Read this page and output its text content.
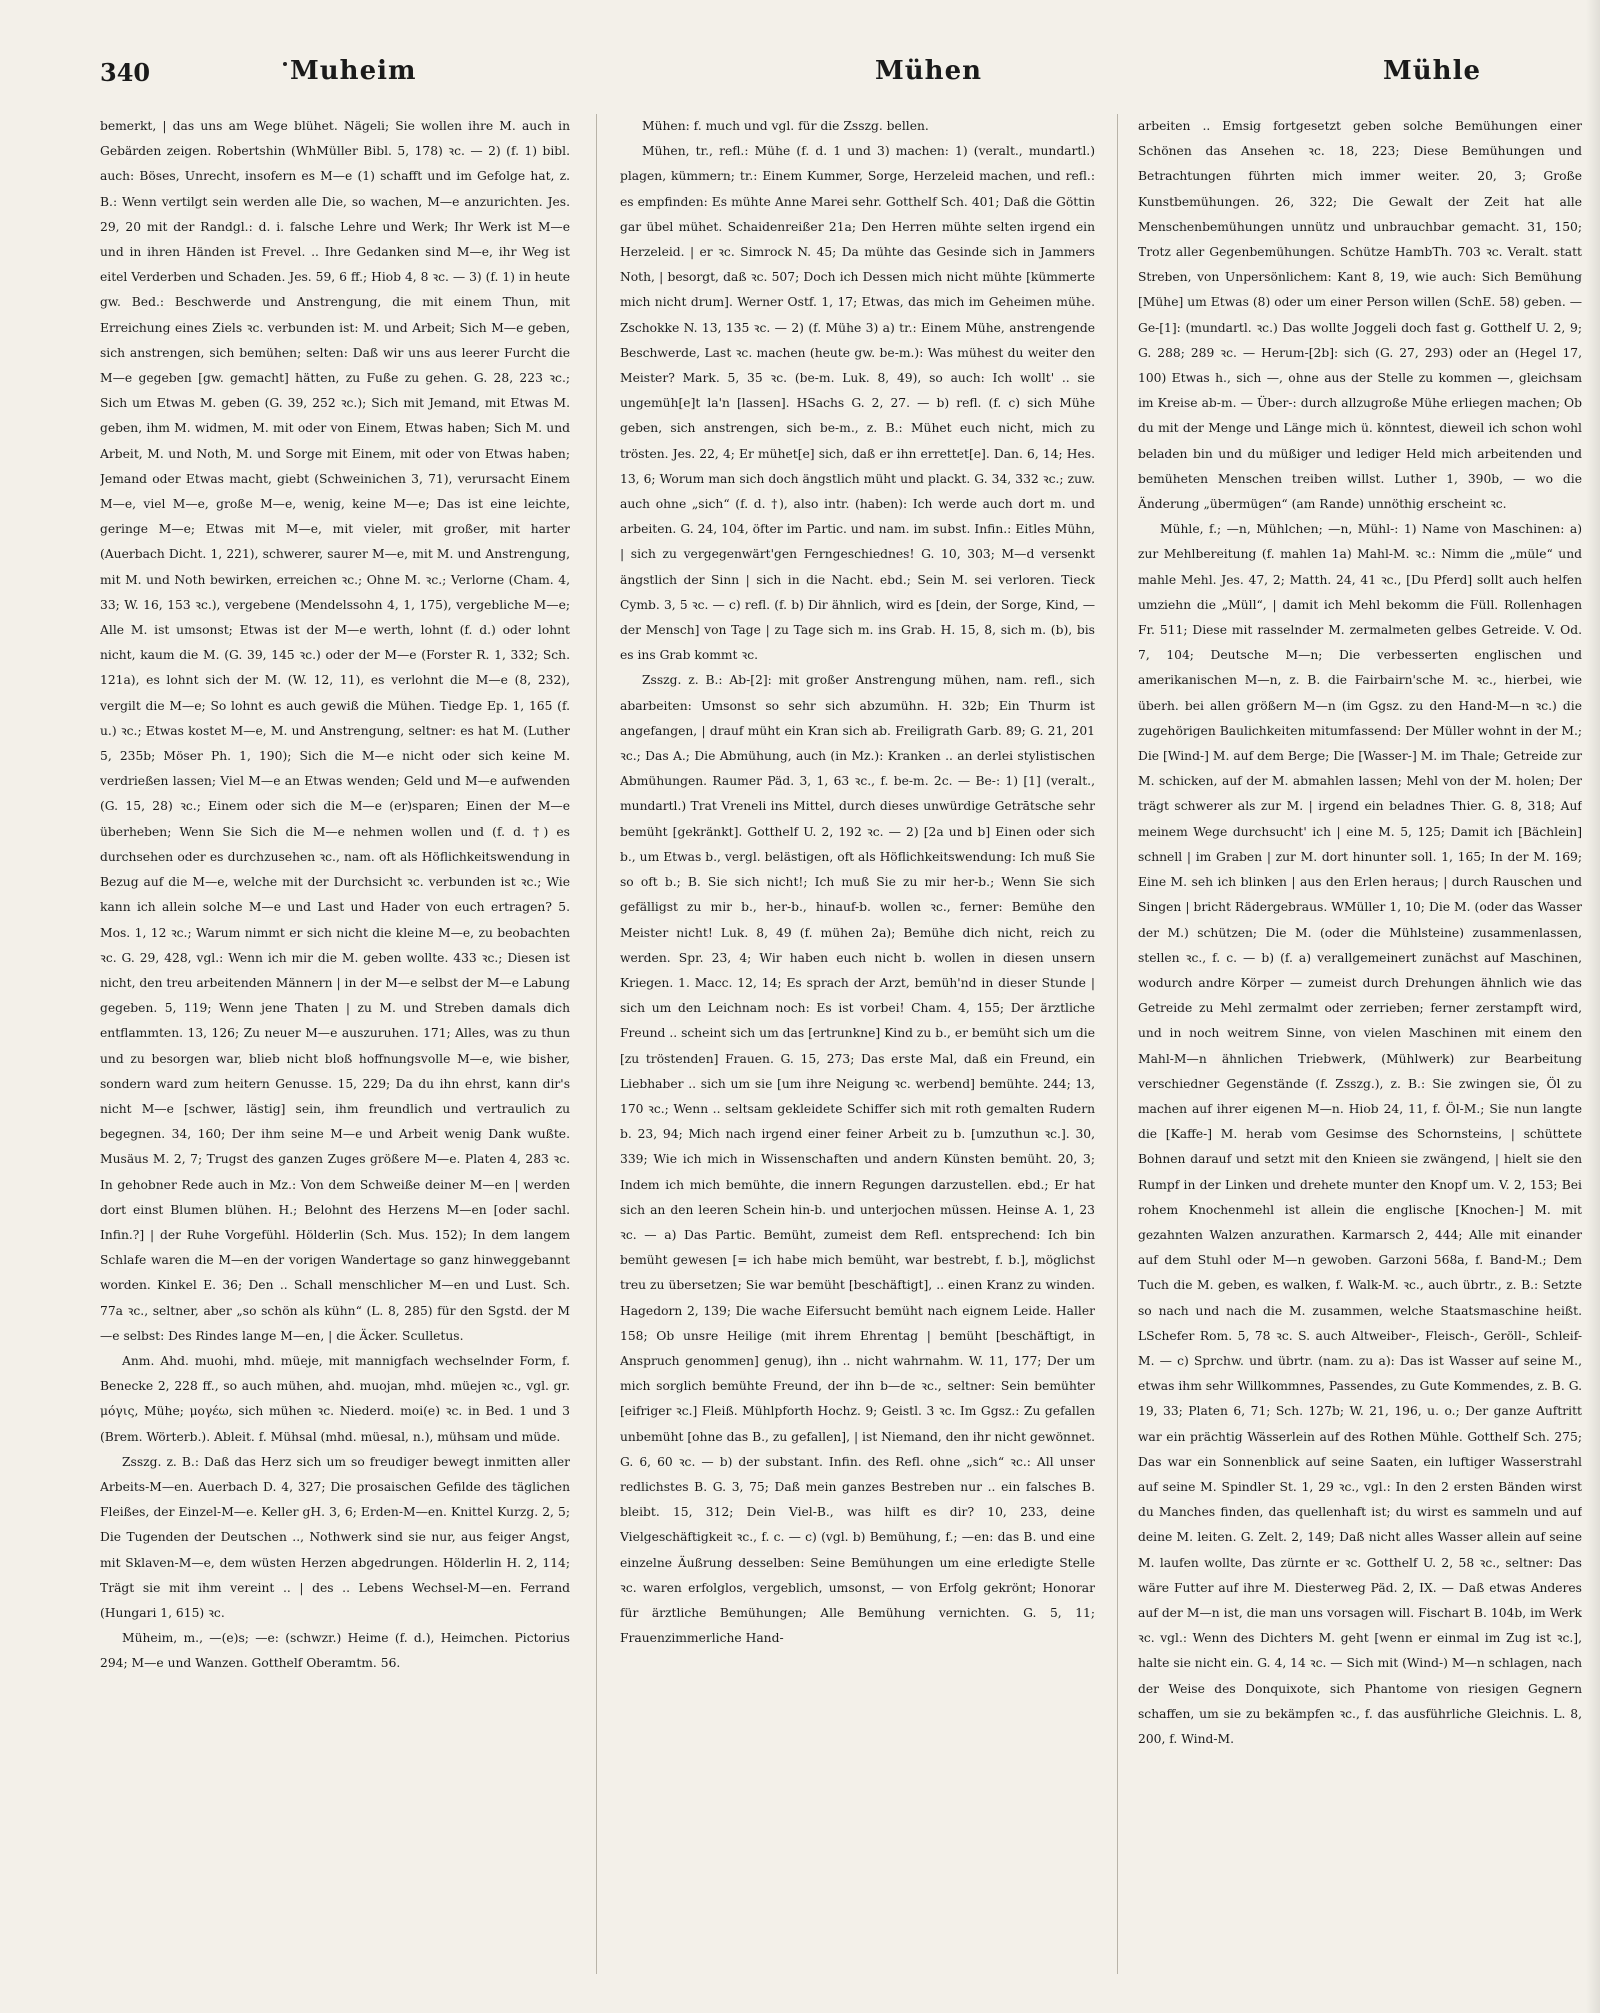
340	Muheim	Mühen	Mühle

bemerkt, | das uns am Wege blühet. Nägeli; Sie wollen ihre M. auch in Gebärden zeigen. Robertshin (WhMüller Bibl. 5, 178) ꝛc. — 2) (f. 1) bibl. auch: Böses, Unrecht, insofern es M—e (1) schafft und im Gefolge hat, z. B.: Wenn vertilgt sein werden alle Die, so wachen, M—e anzurichten. Jes. 29, 20 mit der Randgl.: d. i. falsche Lehre und Werk; Ihr Werk ist M—e und in ihren Händen ist Frevel. .. Ihre Gedanken sind M—e, ihr Weg ist eitel Verderben und Schaden. Jes. 59, 6 ff.; Hiob 4, 8 ꝛc. — 3) (f. 1) in heute gw. Bed.: Beschwerde und Anstrengung, die mit einem Thun, mit Erreichung eines Ziels ꝛc. verbunden ist: M. und Arbeit; Sich M—e geben, sich anstrengen, sich bemühen; selten: Daß wir uns aus leerer Furcht die M—e gegeben [gw. gemacht] hätten, zu Fuße zu gehen. G. 28, 223 ꝛc.; Sich um Etwas M. geben (G. 39, 252 ꝛc.); Sich mit Jemand, mit Etwas M. geben, ihm M. widmen, M. mit oder von Einem, Etwas haben; Sich M. und Arbeit, M. und Noth, M. und Sorge mit Einem, mit oder von Etwas haben; Jemand oder Etwas macht, giebt (Schweinichen 3, 71), verursacht Einem M—e, viel M—e, große M—e, wenig, keine M—e; Das ist eine leichte, geringe M—e; Etwas mit M—e, mit vieler, mit großer, mit harter (Auerbach Dicht. 1, 221), schwerer, saurer M—e, mit M. und Anstrengung, mit M. und Noth bewirken, erreichen ꝛc.; Ohne M. ꝛc.; Verlorne (Cham. 4, 33; W. 16, 153 ꝛc.), vergebene (Mendelssohn 4, 1, 175), vergebliche M—e; Alle M. ist umsonst; Etwas ist der M—e werth, lohnt (f. d.) oder lohnt nicht, kaum die M. (G. 39, 145 ꝛc.) oder der M—e (Forster R. 1, 332; Sch. 121a), es lohnt sich der M. (W. 12, 11), es verlohnt die M—e (8, 232), vergilt die M—e; So lohnt es auch gewiß die Mühen. Tiedge Ep. 1, 165 (f. u.) ꝛc.; Etwas kostet M—e, M. und Anstrengung, seltner: es hat M. (Luther 5, 235b; Möser Ph. 1, 190); Sich die M—e nicht oder sich keine M. verdrießen lassen; Viel M—e an Etwas wenden; Geld und M—e aufwenden (G. 15, 28) ꝛc.; Einem oder sich die M—e (er)sparen; Einen der M—e überheben; Wenn Sie Sich die M—e nehmen wollen und (f. d. †) es durchsehen oder es durchzusehen ꝛc., nam. oft als Höflichkeitswendung in Bezug auf die M—e, welche mit der Durchsicht ꝛc. verbunden ist ꝛc.; Wie kann ich allein solche M—e und Last und Hader von euch ertragen? 5. Mos. 1, 12 ꝛc.; Warum nimmt er sich nicht die kleine M—e, zu beobachten ꝛc. G. 29, 428, vgl.: Wenn ich mir die M. geben wollte. 433 ꝛc.; Diesen ist nicht, den treu arbeitenden Männern | in der M—e selbst der M—e Labung gegeben. 5, 119; Wenn jene Thaten | zu M. und Streben damals dich entflammten. 13, 126; Zu neuer M—e auszuruhen. 171; Alles, was zu thun und zu besorgen war, blieb nicht bloß hoffnungsvolle M—e, wie bisher, sondern ward zum heitern Genusse. 15, 229; Da du ihn ehrst, kann dir's nicht M—e [schwer, lästig] sein, ihm freundlich und vertraulich zu begegnen. 34, 160; Der ihm seine M—e und Arbeit wenig Dank wußte. Musäus M. 2, 7; Trugst des ganzen Zuges größere M—e. Platen 4, 283 ꝛc. In gehobner Rede auch in Mz.: Von dem Schweiße deiner M—en | werden dort einst Blumen blühen. H.; Belohnt des Herzens M—en [oder sachl. Infin.?] | der Ruhe Vorgefühl. Hölderlin (Sch. Mus. 152); In dem langem Schlafe waren die M—en der vorigen Wandertage so ganz hinweggebannt worden. Kinkel E. 36; Den .. Schall menschlicher M—en und Lust. Sch. 77a ꝛc., seltner, aber „so schön als kühn“ (L. 8, 285) für den Sgstd. der M—e selbst: Des Rindes lange M—en, | die Äcker. Sculletus.

Anm. Ahd. muohi, mhd. müeje, mit mannigfach wechselnder Form, f. Benecke 2, 228 ff., so auch mühen, ahd. muojan, mhd. müejen ꝛc., vgl. gr. μόγις, Mühe; μογέω, sich mühen ꝛc. Niederd. moi(e) ꝛc. in Bed. 1 und 3 (Brem. Wörterb.). Ableit. f. Mühsal (mhd. müesal, n.), mühsam und müde.

Zsszg. z. B.: Daß das Herz sich um so freudiger bewegt inmitten aller Arbeits-M—en. Auerbach D. 4, 327; Die prosaischen Gefilde des täglichen Fleißes, der Einzel-M—e. Keller gH. 3, 6; Erden-M—en. Knittel Kurzg. 2, 5; Die Tugenden der Deutschen .., Nothwerk sind sie nur, aus feiger Angst, mit Sklaven-M—e, dem wüsten Herzen abgedrungen. Hölderlin H. 2, 114; Trägt sie mit ihm vereint .. | des .. Lebens Wechsel-M—en. Ferrand (Hungari 1, 615) ꝛc.

Müheim, m., —(e)s; —e: (schwzr.) Heime (f. d.), Heimchen. Pictorius 294; M—e und Wanzen. Gotthelf Oberamtm. 56.

Mühen: f. much und vgl. für die Zsszg. bellen.

Mühen, tr., refl.: Mühe (f. d. 1 und 3) machen: 1) (veralt., mundartl.) plagen, kümmern; tr.: Einem Kummer, Sorge, Herzeleid machen, und refl.: es empfinden: Es mühte Anne Marei sehr. Gotthelf Sch. 401; Daß die Göttin gar übel mühet. Schaidenreißer 21a; Den Herren mühte selten irgend ein Herzeleid. | er ꝛc. Simrock N. 45; Da mühte das Gesinde sich in Jammers Noth, | besorgt, daß ꝛc. 507; Doch ich Dessen mich nicht mühte [kümmerte mich nicht drum]. Werner Ostf. 1, 17; Etwas, das mich im Geheimen mühe. Zschokke N. 13, 135 ꝛc. — 2) (f. Mühe 3) a) tr.: Einem Mühe, anstrengende Beschwerde, Last ꝛc. machen (heute gw. be-m.): Was mühest du weiter den Meister? Mark. 5, 35 ꝛc. (be-m. Luk. 8, 49), so auch: Ich wollt' .. sie ungemüh[e]t la'n [lassen]. HSachs G. 2, 27. — b) refl. (f. c) sich Mühe geben, sich anstrengen, sich be-m., z. B.: Mühet euch nicht, mich zu trösten. Jes. 22, 4; Er mühet[e] sich, daß er ihn errettet[e]. Dan. 6, 14; Hes. 13, 6; Worum man sich doch ängstlich müht und plackt. G. 34, 332 ꝛc.; zuw. auch ohne „sich“ (f. d. †), also intr. (haben): Ich werde auch dort m. und arbeiten. G. 24, 104, öfter im Partic. und nam. im subst. Infin.: Eitles Mühn, | sich zu vergegenwärt'gen Ferngeschiednes! G. 10, 303; M—d versenkt ängstlich der Sinn | sich in die Nacht. ebd.; Sein M. sei verloren. Tieck Cymb. 3, 5 ꝛc. — c) refl. (f. b) Dir ähnlich, wird es [dein, der Sorge, Kind, — der Mensch] von Tage | zu Tage sich m. ins Grab. H. 15, 8, sich m. (b), bis es ins Grab kommt ꝛc.

Zsszg. z. B.: Ab-[2]: mit großer Anstrengung mühen, nam. refl., sich abarbeiten: Umsonst so sehr sich abzumühn. H. 32b; Ein Thurm ist angefangen, | drauf müht ein Kran sich ab. Freiligrath Garb. 89; G. 21, 201 ꝛc.; Das A.; Die Abmühung, auch (in Mz.): Kranken .. an derlei stylistischen Abmühungen. Raumer Päd. 3, 1, 63 ꝛc., f. be-m. 2c. — Be-: 1) [1] (veralt., mundartl.) Trat Vreneli ins Mittel, durch dieses unwürdige Getrātsche sehr bemüht [gekränkt]. Gotthelf U. 2, 192 ꝛc. — 2) [2a und b] Einen oder sich b., um Etwas b., vergl. belästigen, oft als Höflichkeitswendung: Ich muß Sie so oft b.; B. Sie sich nicht!; Ich muß Sie zu mir her-b.; Wenn Sie sich gefälligst zu mir b., her-b., hinauf-b. wollen ꝛc., ferner: Bemühe den Meister nicht! Luk. 8, 49 (f. mühen 2a); Bemühe dich nicht, reich zu werden. Spr. 23, 4; Wir haben euch nicht b. wollen in diesen unsern Kriegen. 1. Macc. 12, 14; Es sprach der Arzt, bemüh'nd in dieser Stunde | sich um den Leichnam noch: Es ist vorbei! Cham. 4, 155; Der ärztliche Freund .. scheint sich um das [ertrunkne] Kind zu b., er bemüht sich um die [zu tröstenden] Frauen. G. 15, 273; Das erste Mal, daß ein Freund, ein Liebhaber .. sich um sie [um ihre Neigung ꝛc. werbend] bemühte. 244; 13, 170 ꝛc.; Wenn .. seltsam gekleidete Schiffer sich mit roth gemalten Rudern b. 23, 94; Mich nach irgend einer feiner Arbeit zu b. [umzuthun ꝛc.]. 30, 339; Wie ich mich in Wissenschaften und andern Künsten bemüht. 20, 3; Indem ich mich bemühte, die innern Regungen darzustellen. ebd.; Er hat sich an den leeren Schein hin-b. und unterjochen müssen. Heinse A. 1, 23 ꝛc. — a) Das Partic. Bemüht, zumeist dem Refl. entsprechend: Ich bin bemüht gewesen [= ich habe mich bemüht, war bestrebt, f. b.], möglichst treu zu übersetzen; Sie war bemüht [beschäftigt], .. einen Kranz zu winden. Hagedorn 2, 139; Die wache Eifersucht bemüht nach eignem Leide. Haller 158; Ob unsre Heilige (mit ihrem Ehrentag | bemüht [beschäftigt, in Anspruch genommen] genug), ihn .. nicht wahrnahm. W. 11, 177; Der um mich sorglich bemühte Freund, der ihn b—de ꝛc., seltner: Sein bemühter [eifriger ꝛc.] Fleiß. Mühlpforth Hochz. 9; Geistl. 3 ꝛc. Im Ggsz.: Zu gefallen unbemüht [ohne das B., zu gefallen], | ist Niemand, den ihr nicht gewönnet. G. 6, 60 ꝛc. — b) der substant. Infin. des Refl. ohne „sich“ ꝛc.: All unser redlichstes B. G. 3, 75; Daß mein ganzes Bestreben nur .. ein falsches B. bleibt. 15, 312; Dein Viel-B., was hilft es dir? 10, 233, deine Vielgeschäftigkeit ꝛc., f. c. — c) (vgl. b) Bemühung, f.; —en: das B. und eine einzelne Äußrung desselben: Seine Bemühungen um eine erledigte Stelle ꝛc. waren erfolglos, vergeblich, umsonst, — von Erfolg gekrönt; Honorar für ärztliche Bemühungen; Alle Bemühung vernichten. G. 5, 11; Frauenzimmerliche Hand-

arbeiten .. Emsig fortgesetzt geben solche Bemühungen einer Schönen das Ansehen ꝛc. 18, 223; Diese Bemühungen und Betrachtungen führten mich immer weiter. 20, 3; Große Kunstbemühungen. 26, 322; Die Gewalt der Zeit hat alle Menschenbemühungen unnütz und unbrauchbar gemacht. 31, 150; Trotz aller Gegenbemühungen. Schütze HambTh. 703 ꝛc. Veralt. statt Streben, von Unpersönlichem: Kant 8, 19, wie auch: Sich Bemühung [Mühe] um Etwas (8) oder um einer Person willen (SchE. 58) geben. — Ge-[1]: (mundartl. ꝛc.) Das wollte Joggeli doch fast g. Gotthelf U. 2, 9; G. 288; 289 ꝛc. — Herum-[2b]: sich (G. 27, 293) oder an (Hegel 17, 100) Etwas h., sich —, ohne aus der Stelle zu kommen —, gleichsam im Kreise ab-m. — Über-: durch allzugroße Mühe erliegen machen; Ob du mit der Menge und Länge mich ü. könntest, dieweil ich schon wohl beladen bin und du müßiger und lediger Held mich arbeitenden und bemüheten Menschen treiben willst. Luther 1, 390b, — wo die Änderung „übermügen“ (am Rande) unnöthig erscheint ꝛc.

Mühle, f.; —n, Mühlchen; —n, Mühl-: 1) Name von Maschinen: a) zur Mehlbereitung (f. mahlen 1a) Mahl-M. ꝛc.: Nimm die „müle“ und mahle Mehl. Jes. 47, 2; Matth. 24, 41 ꝛc., [Du Pferd] sollt auch helfen umziehn die „Müll“, | damit ich Mehl bekomm die Füll. Rollenhagen Fr. 511; Diese mit rasselnder M. zermalmeten gelbes Getreide. V. Od. 7, 104; Deutsche M—n; Die verbesserten englischen und amerikanischen M—n, z. B. die Fairbairn'sche M. ꝛc., hierbei, wie überh. bei allen größern M—n (im Ggsz. zu den Hand-M—n ꝛc.) die zugehörigen Baulichkeiten mitumfassend: Der Müller wohnt in der M.; Die [Wind-] M. auf dem Berge; Die [Wasser-] M. im Thale; Getreide zur M. schicken, auf der M. abmahlen lassen; Mehl von der M. holen; Der trägt schwerer als zur M. | irgend ein beladnes Thier. G. 8, 318; Auf meinem Wege durchsucht' ich | eine M. 5, 125; Damit ich [Bächlein] schnell | im Graben | zur M. dort hinunter soll. 1, 165; In der M. 169; Eine M. seh ich blinken | aus den Erlen heraus; | durch Rauschen und Singen | bricht Rädergebraus. WMüller 1, 10; Die M. (oder das Wasser der M.) schützen; Die M. (oder die Mühlsteine) zusammenlassen, stellen ꝛc., f. c. — b) (f. a) verallgemeinert zunächst auf Maschinen, wodurch andre Körper — zumeist durch Drehungen ähnlich wie das Getreide zu Mehl zermalmt oder zerrieben; ferner zerstampft wird, und in noch weitrem Sinne, von vielen Maschinen mit einem den Mahl-M—n ähnlichen Triebwerk, (Mühlwerk) zur Bearbeitung verschiedner Gegenstände (f. Zsszg.), z. B.: Sie zwingen sie, Öl zu machen auf ihrer eigenen M—n. Hiob 24, 11, f. Öl-M.; Sie nun langte die [Kaffe-] M. herab vom Gesimse des Schornsteins, | schüttete Bohnen darauf und setzt mit den Knieen sie zwängend, | hielt sie den Rumpf in der Linken und drehete munter den Knopf um. V. 2, 153; Bei rohem Knochenmehl ist allein die englische [Knochen-] M. mit gezahnten Walzen anzurathen. Karmarsch 2, 444; Alle mit einander auf dem Stuhl oder M—n gewoben. Garzoni 568a, f. Band-M.; Dem Tuch die M. geben, es walken, f. Walk-M. ꝛc., auch übrtr., z. B.: Setzte so nach und nach die M. zusammen, welche Staatsmaschine heißt. LSchefer Rom. 5, 78 ꝛc. S. auch Altweiber-, Fleisch-, Geröll-, Schleif-M. — c) Sprchw. und übrtr. (nam. zu a): Das ist Wasser auf seine M., etwas ihm sehr Willkommnes, Passendes, zu Gute Kommendes, z. B. G. 19, 33; Platen 6, 71; Sch. 127b; W. 21, 196, u. o.; Der ganze Auftritt war ein prächtig Wässerlein auf des Rothen Mühle. Gotthelf Sch. 275; Das war ein Sonnenblick auf seine Saaten, ein luftiger Wasserstrahl auf seine M. Spindler St. 1, 29 ꝛc., vgl.: In den 2 ersten Bänden wirst du Manches finden, das quellenhaft ist; du wirst es sammeln und auf deine M. leiten. G. Zelt. 2, 149; Daß nicht alles Wasser allein auf seine M. laufen wollte, Das zürnte er ꝛc. Gotthelf U. 2, 58 ꝛc., seltner: Das wäre Futter auf ihre M. Diesterweg Päd. 2, IX. — Daß etwas Anderes auf der M—n ist, die man uns vorsagen will. Fischart B. 104b, im Werk ꝛc. vgl.: Wenn des Dichters M. geht [wenn er einmal im Zug ist ꝛc.], halte sie nicht ein. G. 4, 14 ꝛc. — Sich mit (Wind-) M—n schlagen, nach der Weise des Donquixote, sich Phantome von riesigen Gegnern schaffen, um sie zu bekämpfen ꝛc., f. das ausführliche Gleichnis. L. 8, 200, f. Wind-M.
